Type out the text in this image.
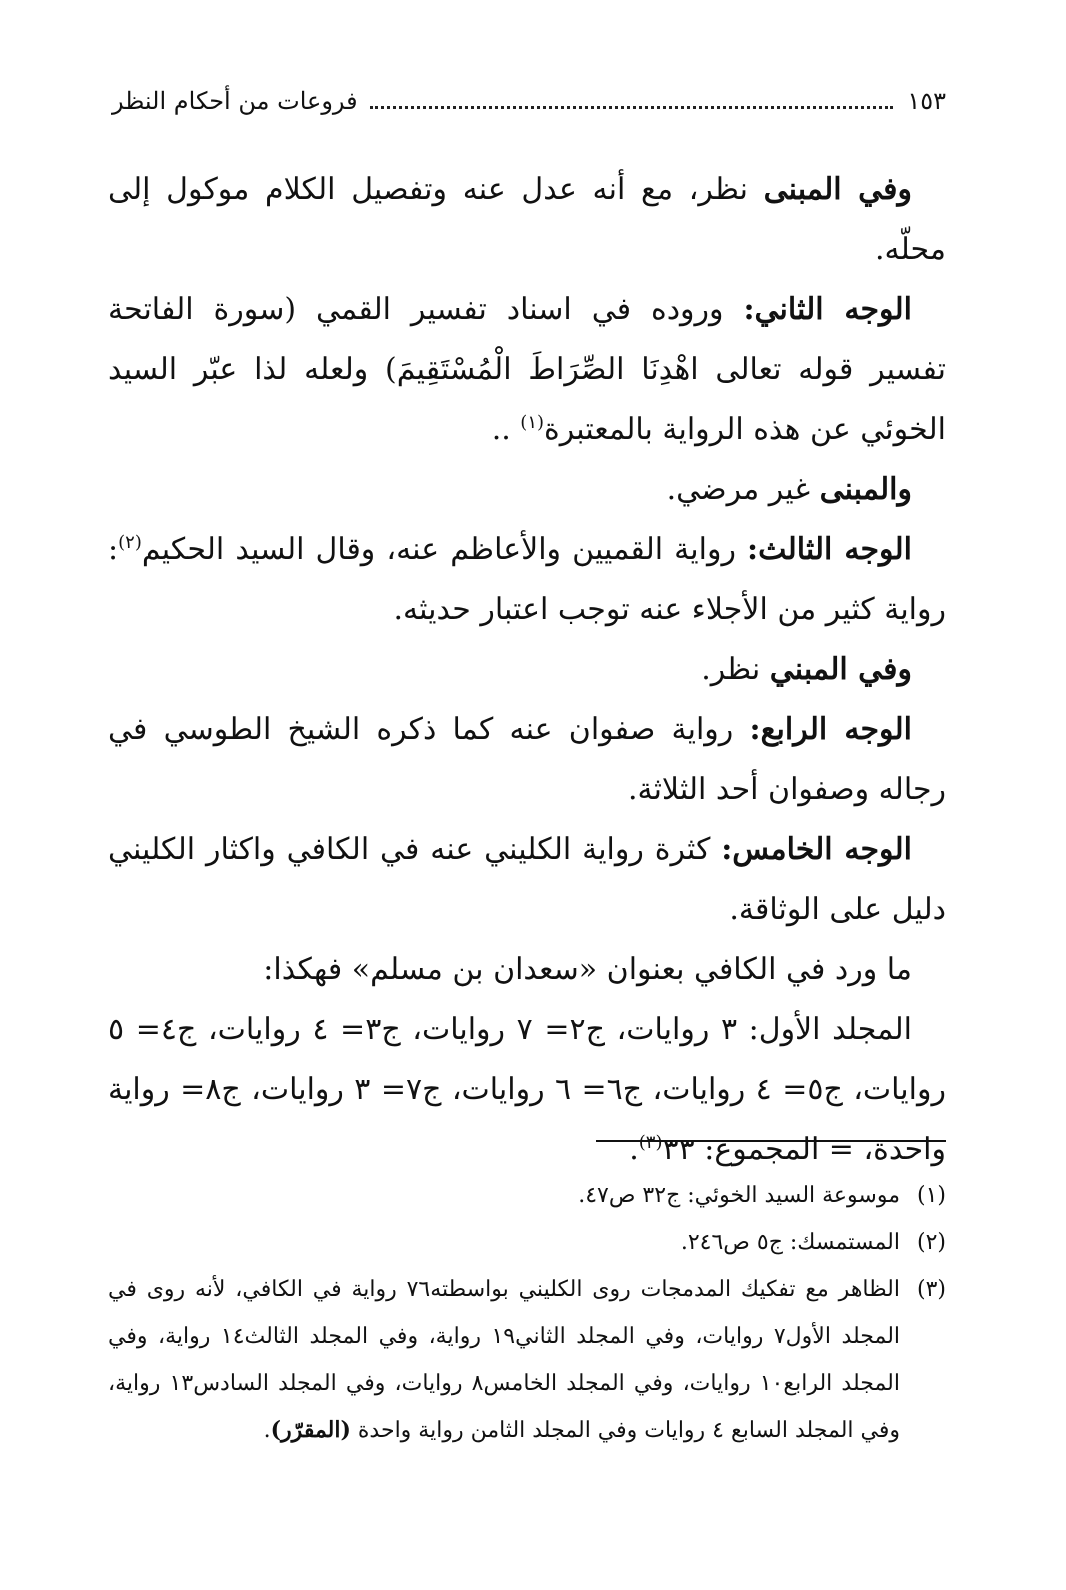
١٥٣
فروعات من أحكام النظر

وفي المبنى نظر، مع أنه عدل عنه وتفصيل الكلام موكول إلى محلّه.

الوجه الثاني: وروده في اسناد تفسير القمي (سورة الفاتحة تفسير قوله تعالى اهْدِنَا الصِّرَاطَ الْمُسْتَقِيمَ) ولعله لذا عبّر السيد الخوئي عن هذه الرواية بالمعتبرة$^{(١)}$ ..

والمبنى غير مرضي.

الوجه الثالث: رواية القميين والأعاظم عنه، وقال السيد الحكيم$^{(٢)}$: رواية كثير من الأجلاء عنه توجب اعتبار حديثه.

وفي المبني نظر.

الوجه الرابع: رواية صفوان عنه كما ذكره الشيخ الطوسي في رجاله وصفوان أحد الثلاثة.

الوجه الخامس: كثرة رواية الكليني عنه في الكافي واكثار الكليني دليل على الوثاقة.

ما ورد في الكافي بعنوان «سعدان بن مسلم» فهكذا:

المجلد الأول: ٣ روايات، ج٢= ٧ روايات، ج٣= ٤ روايات، ج٤= ٥ روايات، ج٥= ٤ روايات، ج٦= ٦ روايات، ج٧= ٣ روايات، ج٨= رواية واحدة، = المجموع: ٣٣$^{(٣)}$.

(١)
موسوعة السيد الخوئي: ج٣٢ ص٤٧.

(٢)
المستمسك: ج٥ ص٢٤٦.

(٣)
الظاهر مع تفكيك المدمجات روى الكليني بواسطته٧٦ رواية في الكافي، لأنه روى في المجلد الأول٧ روايات، وفي المجلد الثاني١٩ رواية، وفي المجلد الثالث١٤ رواية، وفي المجلد الرابع١٠ روايات، وفي المجلد الخامس٨ روايات، وفي المجلد السادس١٣ رواية، وفي المجلد السابع ٤ روايات وفي المجلد الثامن رواية واحدة (المقرّر).
